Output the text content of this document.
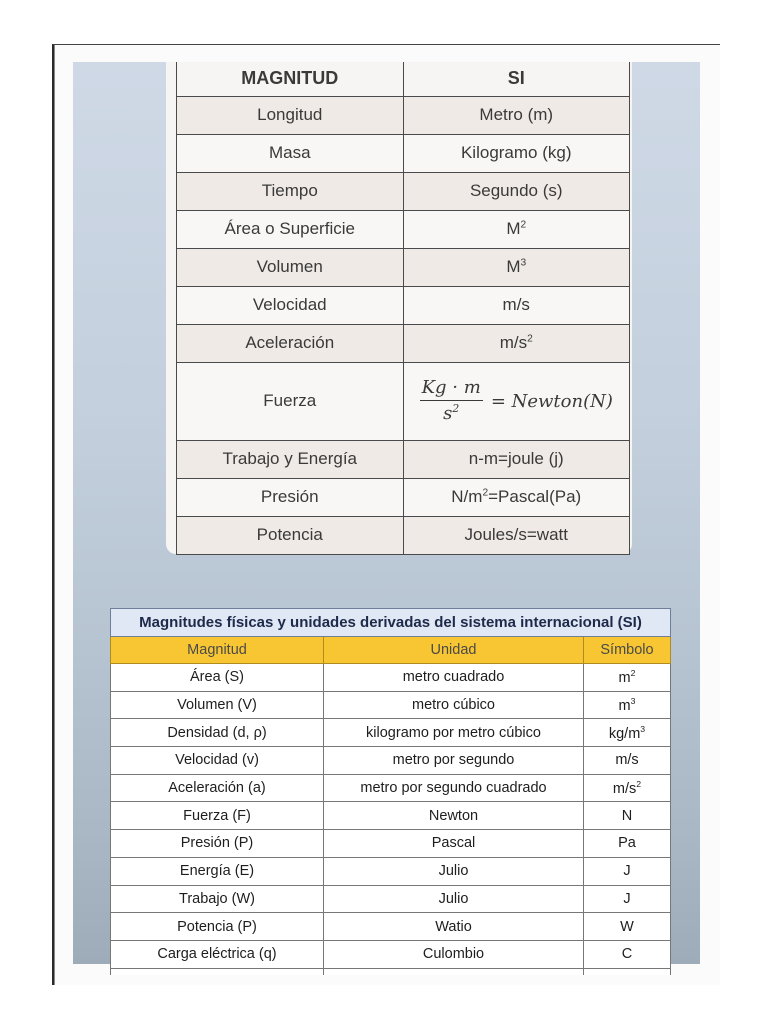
MAGNITUD	SI
Longitud	Metro (m)
Masa	Kilogramo (kg)
Tiempo	Segundo (s)
Área o Superficie	$M^2$
Volumen	$M^3$
Velocidad	m/s
Aceleración	$m/s^2$
Fuerza	$\frac{Kg \cdot m}{s^2}$ = Newton(N)

Trabajo y Energía	n-m=joule (j)
Presión	$N/m^2=Pascal(Pa)$
Potencia	Joules/s=watt
Magnitudes físicas y unidades derivadas del sistema internacional (SI)		
Magnitud	Unidad	Símbolo
Área (S)	metro cuadrado	$m^2$
Volumen (V)	metro cúbico	$m^3$
Densidad (d, ρ)	kilogramo por metro cúbico	$kg/m^3$
Velocidad (v)	metro por segundo	m/s
Aceleración (a)	metro por segundo cuadrado	$m/s^2$
Fuerza (F)	Newton	N
Presión (P)	Pascal	Pa
Energía (E)	Julio	J
Trabajo (W)	Julio	J
Potencia (P)	Watio	W
Carga eléctrica (q)	Culombio	C
